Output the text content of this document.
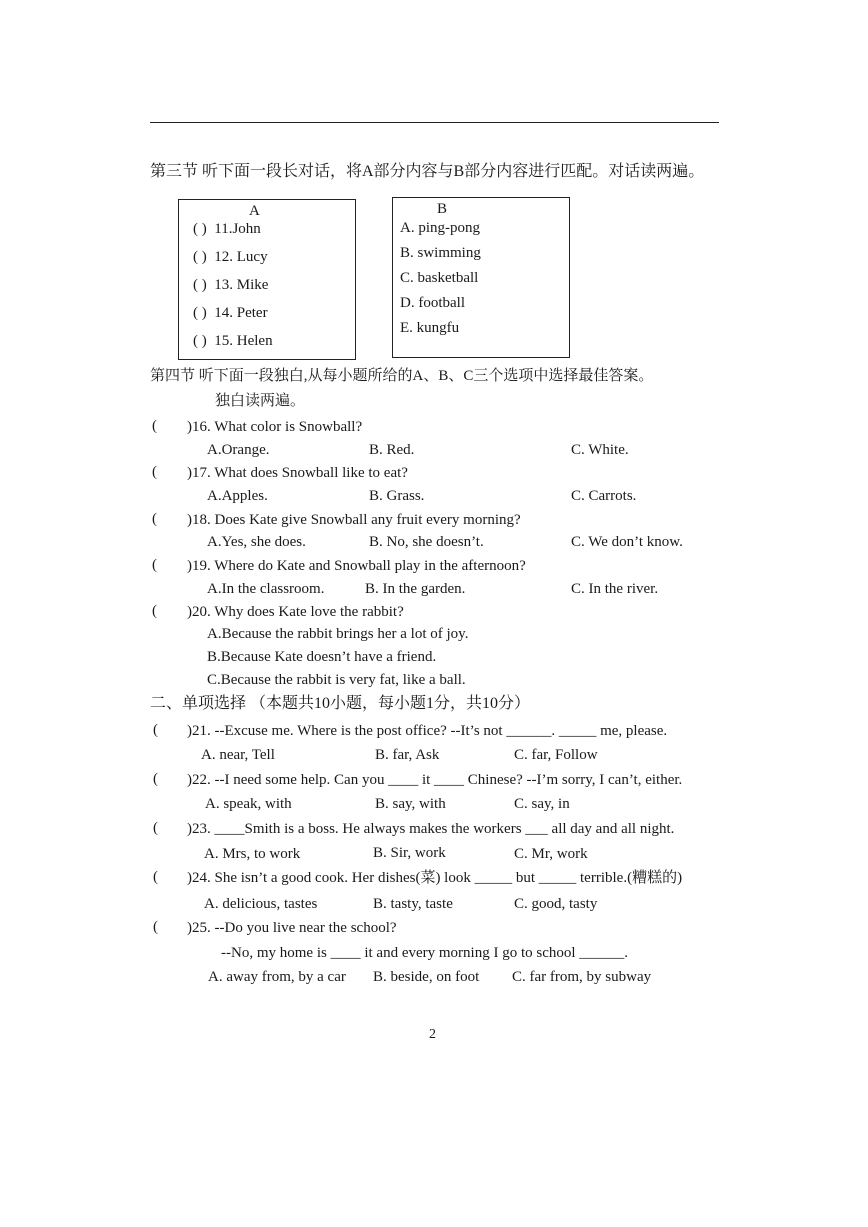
第三节 听下面一段长对话，将A部分内容与B部分内容进行匹配。对话读两遍。
A
( ) 11.John
( ) 12. Lucy
( ) 13. Mike
( ) 14. Peter
( ) 15. Helen
B
A. ping-pong
B. swimming
C. basketball
D. football
E. kungfu
第四节 听下面一段独白,从每小题所给的A、B、C三个选项中选择最佳答案。
独白读两遍。
( )16. What color is Snowball?
A.Orange.	B. Red.	C. White.
( )17. What does Snowball like to eat?
A.Apples.	B. Grass.	C. Carrots.
( )18. Does Kate give Snowball any fruit every morning?
A.Yes, she does.	B. No, she doesn’t.	C. We don’t know.
( )19. Where do Kate and Snowball play in the afternoon?
A.In the classroom.	B. In the garden.	C. In the river.
( )20. Why does Kate love the rabbit?
A.Because the rabbit brings her a lot of joy.
B.Because Kate doesn’t have a friend.
C.Because the rabbit is very fat, like a ball.
二、单项选择 （本题共10小题，每小题1分，共10分）
( )21. --Excuse me. Where is the post office? --It’s not ______. _____ me, please.
A. near, Tell	B. far, Ask	C. far, Follow
( )22. --I need some help. Can you ____ it ____ Chinese? --I’m sorry, I can’t, either.
A. speak, with	B. say, with	C. say, in
( )23. ____Smith is a boss. He always makes the workers ___ all day and all night.
A. Mrs, to work	B. Sir, work	C. Mr, work
( )24. She isn’t a good cook. Her dishes(菜) look _____ but _____ terrible.(糟糕的)
A. delicious, tastes	B. tasty, taste	C. good, tasty
( )25. --Do you live near the school?
--No, my home is ____ it and every morning I go to school ______.
A. away from, by a car B. beside, on foot C. far from, by subway
2
